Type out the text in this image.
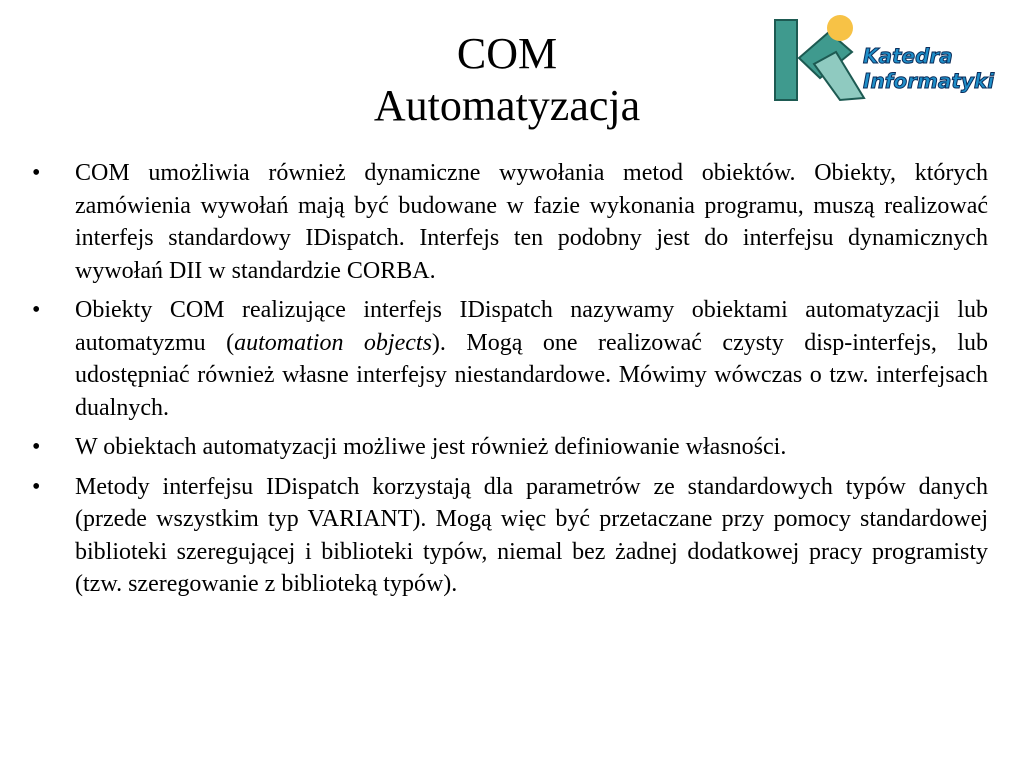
COM
Automatyzacja
Katedra
Informatyki
• COM umożliwia również dynamiczne wywołania metod obiektów. Obiekty, których zamówienia wywołań mają być budowane w fazie wykonania programu, muszą realizować interfejs standardowy IDispatch. Interfejs ten podobny jest do interfejsu dynamicznych wywołań DII w standardzie CORBA.
• Obiekty COM realizujące interfejs IDispatch nazywamy obiektami automatyzacji lub automatyzmu (automation objects). Mogą one realizować czysty disp-interfejs, lub udostępniać również własne interfejsy niestandardowe. Mówimy wówczas o tzw. interfejsach dualnych.
• W obiektach automatyzacji możliwe jest również definiowanie własności.
• Metody interfejsu IDispatch korzystają dla parametrów ze standardowych typów danych (przede wszystkim typ VARIANT). Mogą więc być przetaczane przy pomocy standardowej biblioteki szeregującej i biblioteki typów, niemal bez żadnej dodatkowej pracy programisty (tzw. szeregowanie z biblioteką typów).
